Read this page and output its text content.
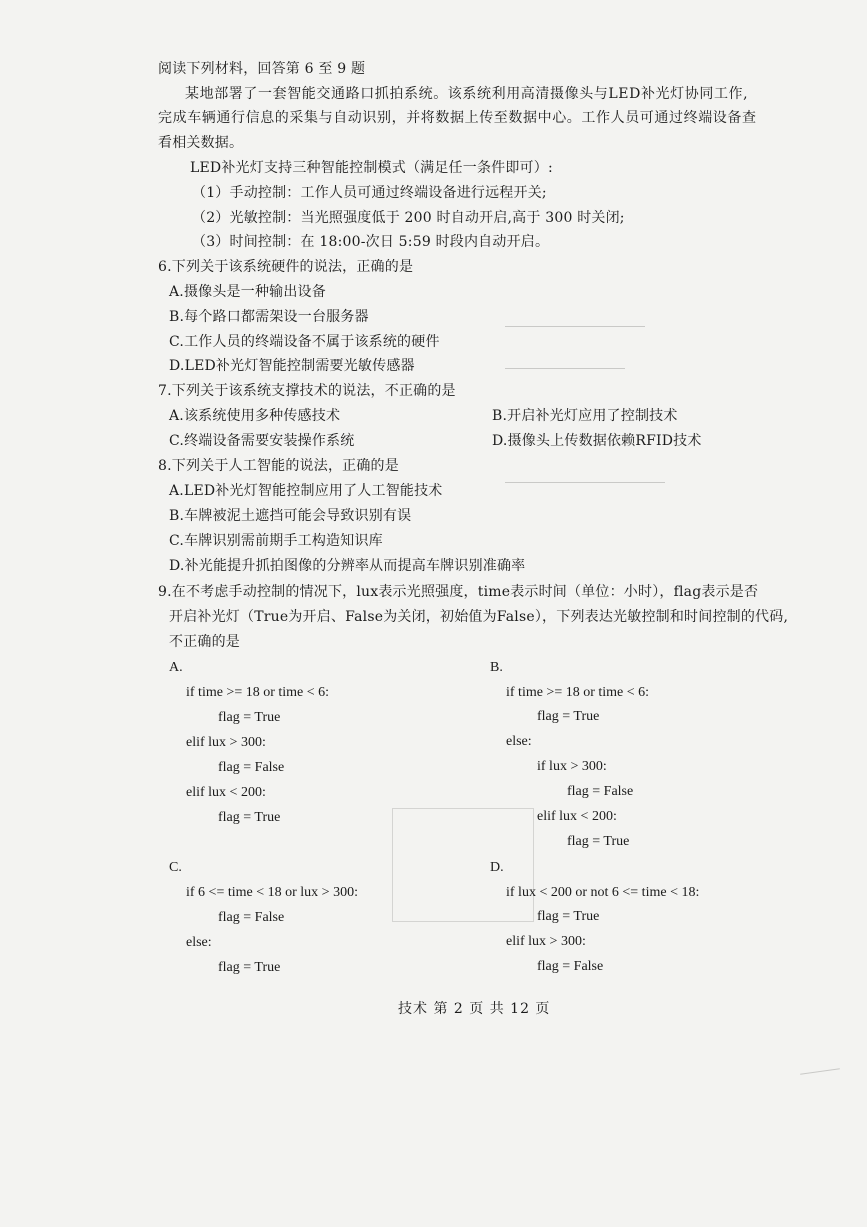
阅读下列材料，回答第 6 至 9 题
某地部署了一套智能交通路口抓拍系统。该系统利用高清摄像头与LED补光灯协同工作,
完成车辆通行信息的采集与自动识别，并将数据上传至数据中心。工作人员可通过终端设备查
看相关数据。
LED补光灯支持三种智能控制模式（满足任一条件即可）:
（1）手动控制：工作人员可通过终端设备进行远程开关;
（2）光敏控制：当光照强度低于 200 时自动开启,高于 300 时关闭;
（3）时间控制：在 18:00-次日 5:59 时段内自动开启。
6.下列关于该系统硬件的说法，正确的是
A.摄像头是一种输出设备
B.每个路口都需架设一台服务器
C.工作人员的终端设备不属于该系统的硬件
D.LED补光灯智能控制需要光敏传感器
7.下列关于该系统支撑技术的说法，不正确的是
A.该系统使用多种传感技术	B.开启补光灯应用了控制技术
C.终端设备需要安装操作系统	D.摄像头上传数据依赖RFID技术
8.下列关于人工智能的说法，正确的是
A.LED补光灯智能控制应用了人工智能技术
B.车牌被泥土遮挡可能会导致识别有误
C.车牌识别需前期手工构造知识库
D.补光能提升抓拍图像的分辨率从而提高车牌识别准确率
9.在不考虑手动控制的情况下，lux表示光照强度，time表示时间（单位：小时），flag表示是否
开启补光灯（True为开启、False为关闭，初始值为False），下列表达光敏控制和时间控制的代码,
不正确的是
A.
if time >= 18 or time < 6:
flag = True
elif lux > 300:
flag = False
elif lux < 200:
flag = True
B.
if time >= 18 or time < 6:
flag = True
else:
if lux > 300:
flag = False
elif lux < 200:
flag = True
C.
if 6 <= time < 18 or lux > 300:
flag = False
else:
flag = True
D.
if lux < 200 or not 6 <= time < 18:
flag = True
elif lux > 300:
flag = False
技术 第 2 页 共 12 页
